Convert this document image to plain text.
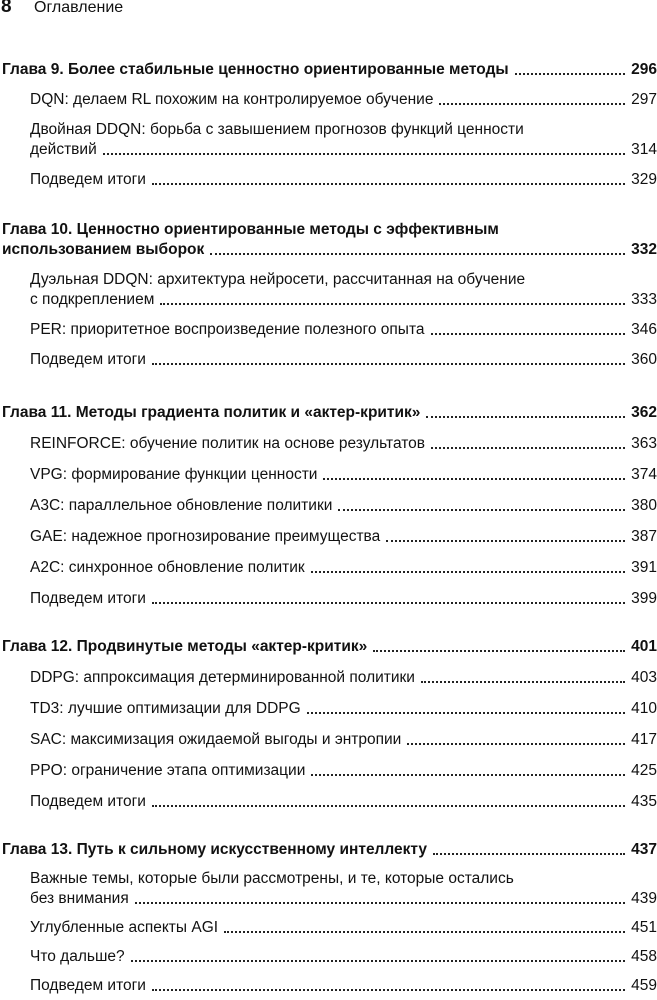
8	Оглавление
Глава 9. Более стабильные ценностно ориентированные методы	296
DQN: делаем RL похожим на контролируемое обучение	297
Двойная DDQN: борьба с завышением прогнозов функций ценности
действий	314
Подведем итоги	329
Глава 10. Ценностно ориентированные методы с эффективным
использованием выборок	332
Дуэльная DDQN: архитектура нейросети, рассчитанная на обучение
с подкреплением	333
PER: приоритетное воспроизведение полезного опыта	346
Подведем итоги	360
Глава 11. Методы градиента политик и «актер-критик»	362
REINFORCE: обучение политик на основе результатов	363
VPG: формирование функции ценности	374
A3C: параллельное обновление политики	380
GAE: надежное прогнозирование преимущества	387
A2C: синхронное обновление политик	391
Подведем итоги	399
Глава 12. Продвинутые методы «актер-критик»	401
DDPG: аппроксимация детерминированной политики	403
TD3: лучшие оптимизации для DDPG	410
SAC: максимизация ожидаемой выгоды и энтропии	417
PPO: ограничение этапа оптимизации	425
Подведем итоги	435
Глава 13. Путь к сильному искусственному интеллекту	437
Важные темы, которые были рассмотрены, и те, которые остались
без внимания	439
Углубленные аспекты AGI	451
Что дальше?	458
Подведем итоги	459
